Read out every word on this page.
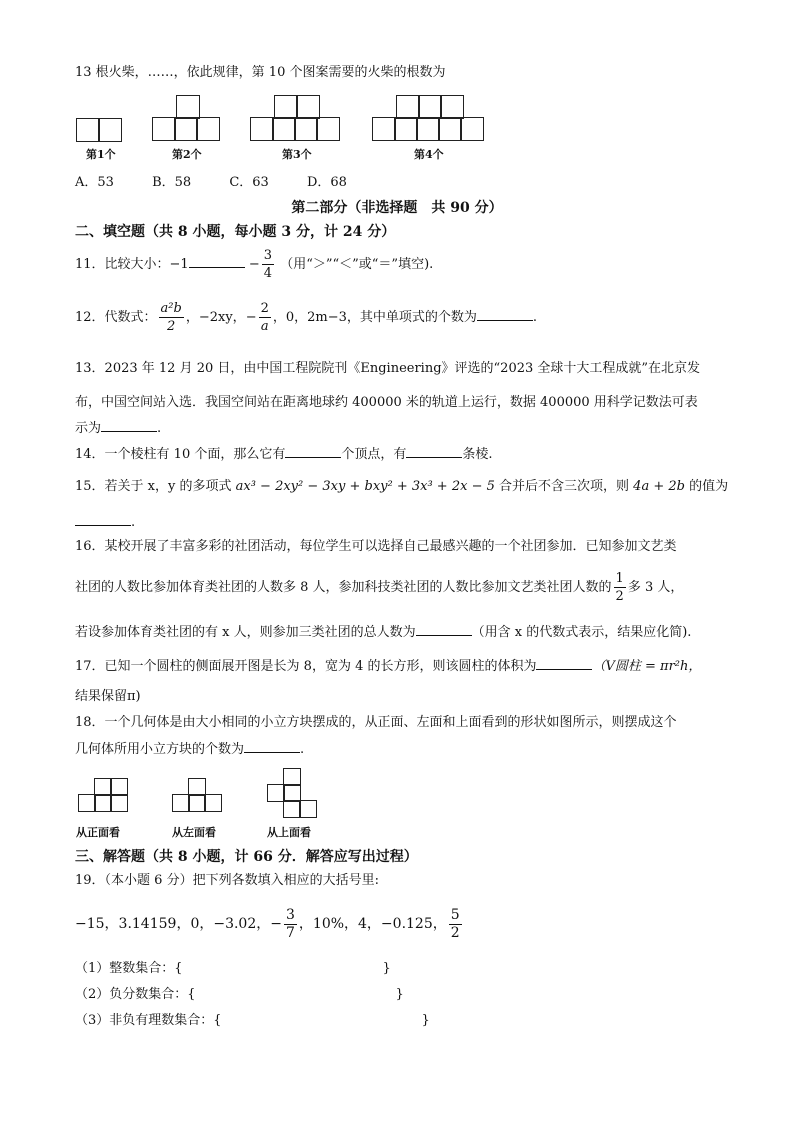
13 根火柴，……，依此规律，第 10 个图案需要的火柴的根数为
第1个	第2个	第3个	第4个
A．53	B．58	C．63	D．68
第二部分（非选择题　共 90 分）
二、填空题（共 8 小题，每小题 3 分，计 24 分）
11．比较大小：−1	− $\frac{3}{4}$ （用“＞”“＜”或“＝”填空).
12．代数式： $\frac{\text{a²b}}{2}$ ，−2xy，− $\frac{2}{a}$ ，0，2m−3，其中单项式的个数为	.
13．2023 年 12 月 20 日，由中国工程院院刊《Engineering》评选的“2023 全球十大工程成就”在北京发
布，中国空间站入选．我国空间站在距离地球约 400000 米的轨道上运行，数据 400000 用科学记数法可表
示为	.
14．一个棱柱有 10 个面，那么它有	个顶点，有	条棱.
15．若关于 x，y 的多项式 ax³ − 2xy² − 3xy + bxy² + 3x³ + 2x − 5 合并后不含三次项，则 4a + 2b 的值为
.
16．某校开展了丰富多彩的社团活动，每位学生可以选择自己最感兴趣的一个社团参加．已知参加文艺类
社团的人数比参加体育类社团的人数多 8 人，参加科技类社团的人数比参加文艺类社团人数的 $\frac{1}{2}$ 多 3 人，
若设参加体育类社团的有 x 人，则参加三类社团的总人数为	（用含 x 的代数式表示，结果应化简).
17．已知一个圆柱的侧面展开图是长为 8，宽为 4 的长方形，则该圆柱的体积为	（V圆柱 = πr²h，
结果保留π)
18．一个几何体是由大小相同的小立方块摆成的，从正面、左面和上面看到的形状如图所示，则摆成这个
几何体所用小立方块的个数为	.
从正面看	从左面看	从上面看
三、解答题（共 8 小题，计 66 分．解答应写出过程）
19．（本小题 6 分）把下列各数填入相应的大括号里:
−15，3.14159，0，−3.02，− $\frac{3}{7}$ ，10%，4，−0.125， $\frac{5}{2}$
（1）整数集合：{	}
（2）负分数集合：{	}
（3）非负有理数集合：{	}
